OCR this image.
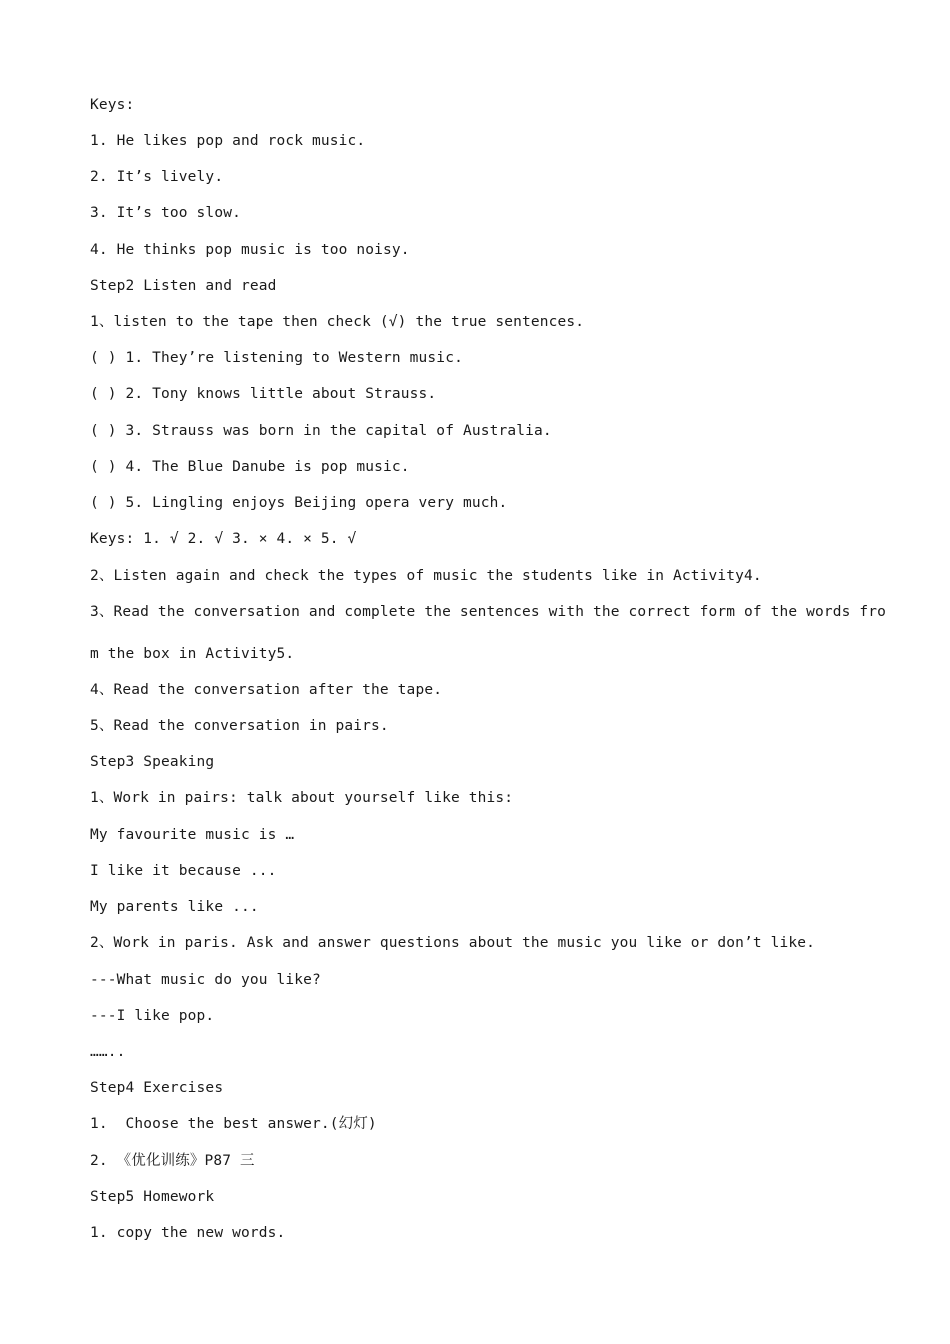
Keys:

1. He likes pop and rock music.

2. It’s lively.

3. It’s too slow.

4. He thinks pop music is too noisy.

Step2 Listen and read

1、listen to the tape then check (√) the true sentences.

( ) 1. They’re listening to Western music.

( ) 2. Tony knows little about Strauss.

( ) 3. Strauss was born in the capital of Australia.

( ) 4. The Blue Danube is pop music.

( ) 5. Lingling enjoys Beijing opera very much.

Keys: 1. √ 2. √ 3. × 4. × 5. √

2、Listen again and check the types of music the students like in Activity4.

3、Read the conversation and complete the sentences with the correct form of the words fro

m the box in Activity5.

4、Read the conversation after the tape.

5、Read the conversation in pairs.

Step3 Speaking

1、Work in pairs: talk about yourself like this:

My favourite music is …

I like it because ...

My parents like ...

2、Work in paris. Ask and answer questions about the music you like or don’t like.

---What music do you like?

---I like pop.

……..

Step4 Exercises

1.  Choose the best answer.(幻灯)

2. 《优化训练》P87 三

Step5 Homework

1. copy the new words.
